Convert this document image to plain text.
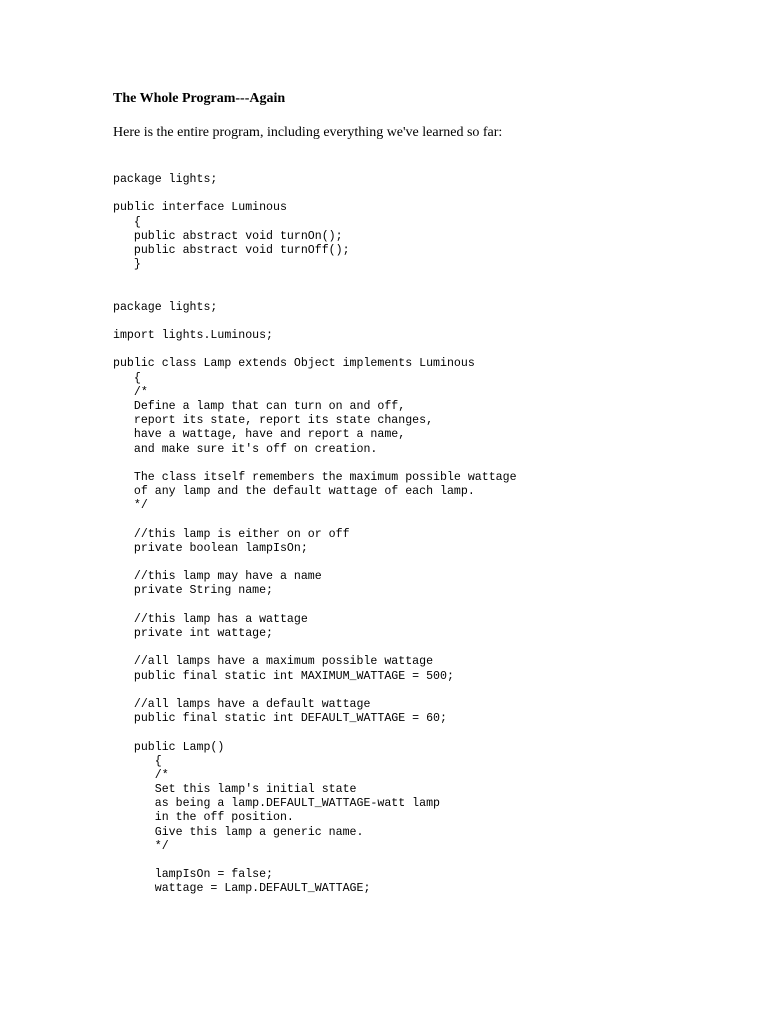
The Whole Program---Again

Here is the entire program, including everything we've learned so far:

package lights;
public interface Luminous
{
public abstract void turnOn();
public abstract void turnOff();
}
package lights;
import lights.Luminous;
public class Lamp extends Object implements Luminous
{
/*
Define a lamp that can turn on and off,
report its state, report its state changes,
have a wattage, have and report a name,
and make sure it's off on creation.
The class itself remembers the maximum possible wattage
of any lamp and the default wattage of each lamp.
*/
//this lamp is either on or off
private boolean lampIsOn;
//this lamp may have a name
private String name;
//this lamp has a wattage
private int wattage;
//all lamps have a maximum possible wattage
public final static int MAXIMUM_WATTAGE = 500;
//all lamps have a default wattage
public final static int DEFAULT_WATTAGE = 60;
public Lamp()
{
/*
Set this lamp's initial state
as being a lamp.DEFAULT_WATTAGE-watt lamp
in the off position.
Give this lamp a generic name.
*/
lampIsOn = false;
wattage = Lamp.DEFAULT_WATTAGE;
